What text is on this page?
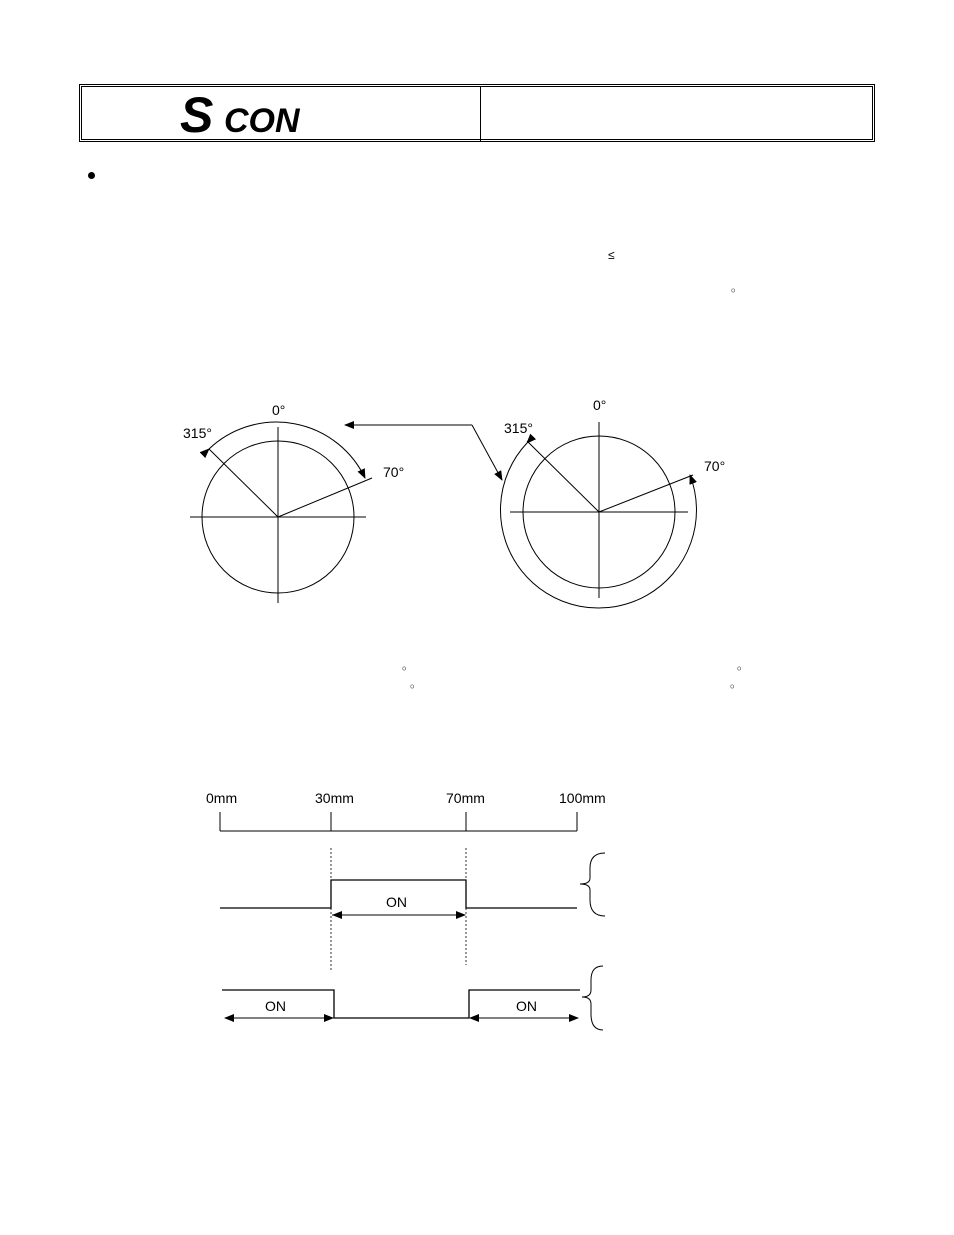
S CON
≤
。
。	。
。	。
0°
315°
70°
0°
315°
70°
0mm	30mm	70mm	100mm
ON
ON	ON
